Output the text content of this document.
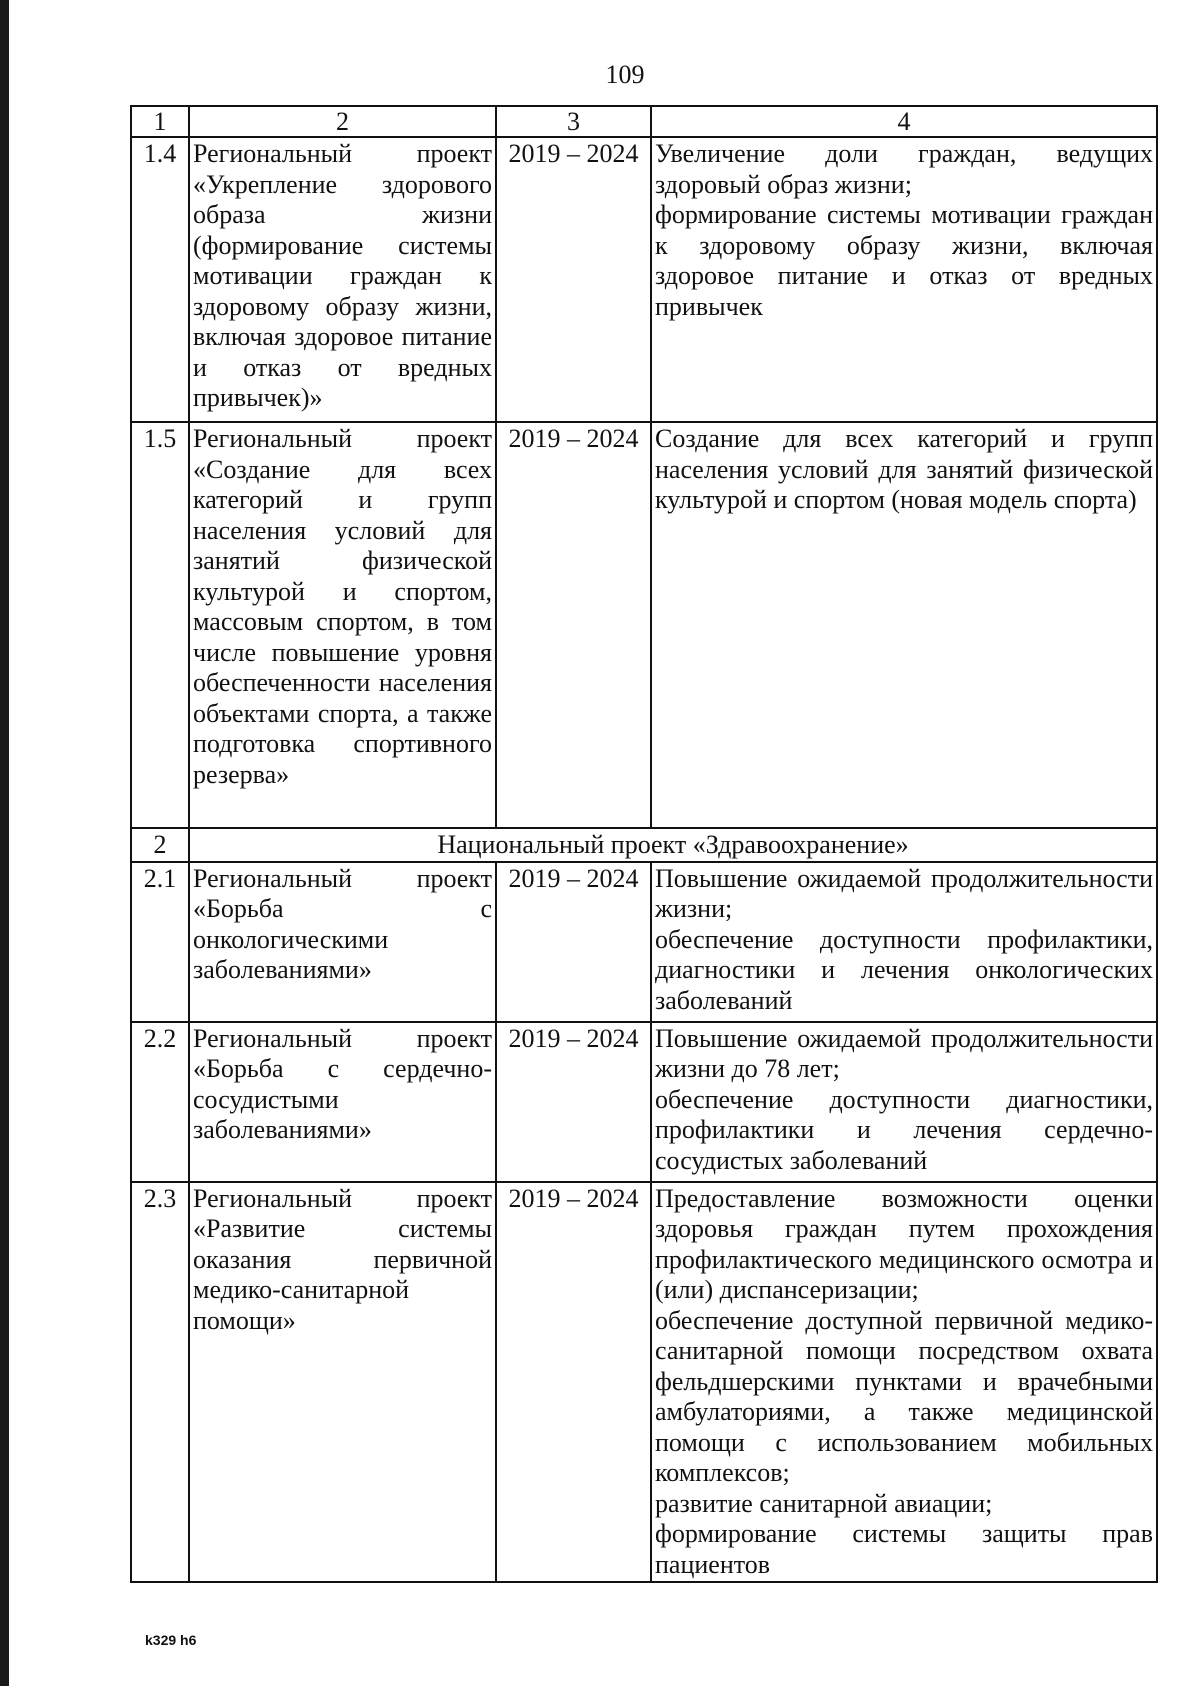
109
1	2	3	4
1.4	Региональный проект «Укрепление здорового образа жизни (формирование системы мотивации граждан к здоровому образу жизни, включая здоровое питание и отказ от вредных привычек)»	2019 – 2024	Увеличение доли граждан, ведущих здоровый образ жизни;
формирование системы мотивации граждан к здоровому образу жизни, включая здоровое питание и отказ от вредных привычек

1.5	Региональный проект «Создание для всех категорий и групп населения условий для занятий физической культурой и спортом, массовым спортом, в том числе повышение уровня обеспеченности населения объектами спорта, а также подготовка спортивного резерва»	2019 – 2024	Создание для всех категорий и групп населения условий для занятий физической культурой и спортом (новая модель спорта)

2	Национальный проект «Здравоохранение»		
2.1	Региональный проект «Борьба с онкологическими заболеваниями»	2019 – 2024	Повышение ожидаемой продолжительности жизни;
обеспечение доступности профилактики, диагностики и лечения онкологических заболеваний

2.2	Региональный проект «Борьба с сердечно-сосудистыми заболеваниями»	2019 – 2024	Повышение ожидаемой продолжительности жизни до 78 лет;
обеспечение доступности диагностики, профилактики и лечения сердечно-сосудистых заболеваний

2.3	Региональный проект «Развитие системы оказания первичной медико-санитарной помощи»	2019 – 2024	Предоставление возможности оценки здоровья граждан путем прохождения профилактического медицинского осмотра и (или) диспансеризации;
обеспечение доступной первичной медико-санитарной помощи посредством охвата фельдшерскими пунктами и врачебными амбулаториями, а также медицинской помощи с использованием мобильных комплексов;
развитие санитарной авиации;
формирование системы защиты прав пациентов
k329 h6
